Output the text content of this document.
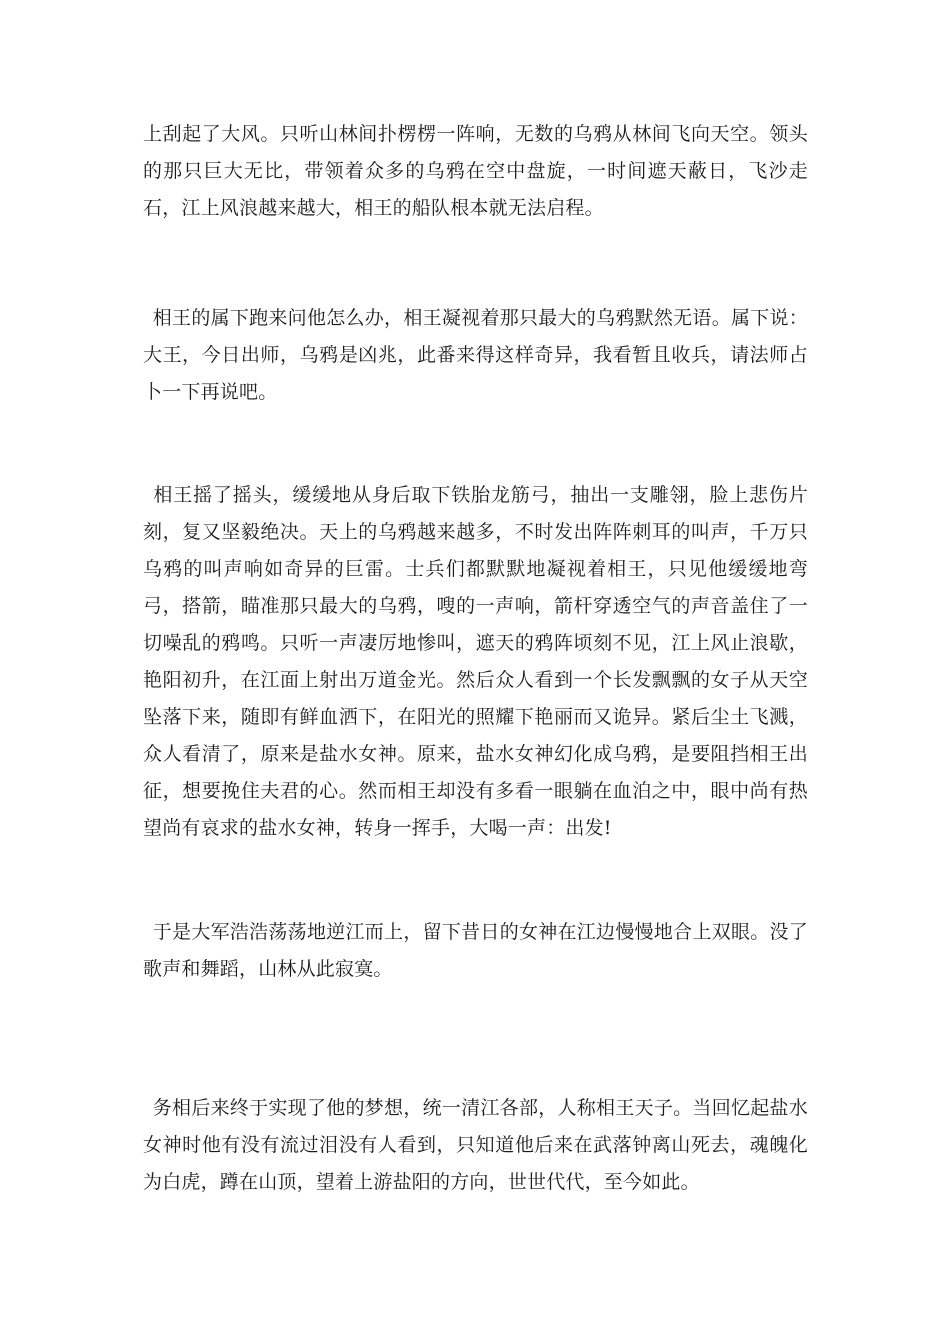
上刮起了大风。只听山林间扑楞楞一阵响，无数的乌鸦从林间飞向天空。领头的那只巨大无比，带领着众多的乌鸦在空中盘旋，一时间遮天蔽日，飞沙走石，江上风浪越来越大，相王的船队根本就无法启程。

 相王的属下跑来问他怎么办，相王凝视着那只最大的乌鸦默然无语。属下说：大王，今日出师，乌鸦是凶兆，此番来得这样奇异，我看暂且收兵，请法师占卜一下再说吧。

 相王摇了摇头，缓缓地从身后取下铁胎龙筋弓，抽出一支雕翎，脸上悲伤片刻，复又坚毅绝决。天上的乌鸦越来越多，不时发出阵阵刺耳的叫声，千万只乌鸦的叫声响如奇异的巨雷。士兵们都默默地凝视着相王，只见他缓缓地弯弓，搭箭，瞄准那只最大的乌鸦，嗖的一声响，箭杆穿透空气的声音盖住了一切噪乱的鸦鸣。只听一声凄厉地惨叫，遮天的鸦阵顷刻不见，江上风止浪歇，艳阳初升，在江面上射出万道金光。然后众人看到一个长发飘飘的女子从天空坠落下来，随即有鲜血洒下，在阳光的照耀下艳丽而又诡异。紧后尘土飞溅，众人看清了，原来是盐水女神。原来，盐水女神幻化成乌鸦，是要阻挡相王出征，想要挽住夫君的心。然而相王却没有多看一眼躺在血泊之中，眼中尚有热望尚有哀求的盐水女神，转身一挥手，大喝一声：出发!

 于是大军浩浩荡荡地逆江而上，留下昔日的女神在江边慢慢地合上双眼。没了歌声和舞蹈，山林从此寂寞。

 务相后来终于实现了他的梦想，统一清江各部，人称相王天子。当回忆起盐水女神时他有没有流过泪没有人看到，只知道他后来在武落钟离山死去，魂魄化为白虎，蹲在山顶，望着上游盐阳的方向，世世代代，至今如此。
